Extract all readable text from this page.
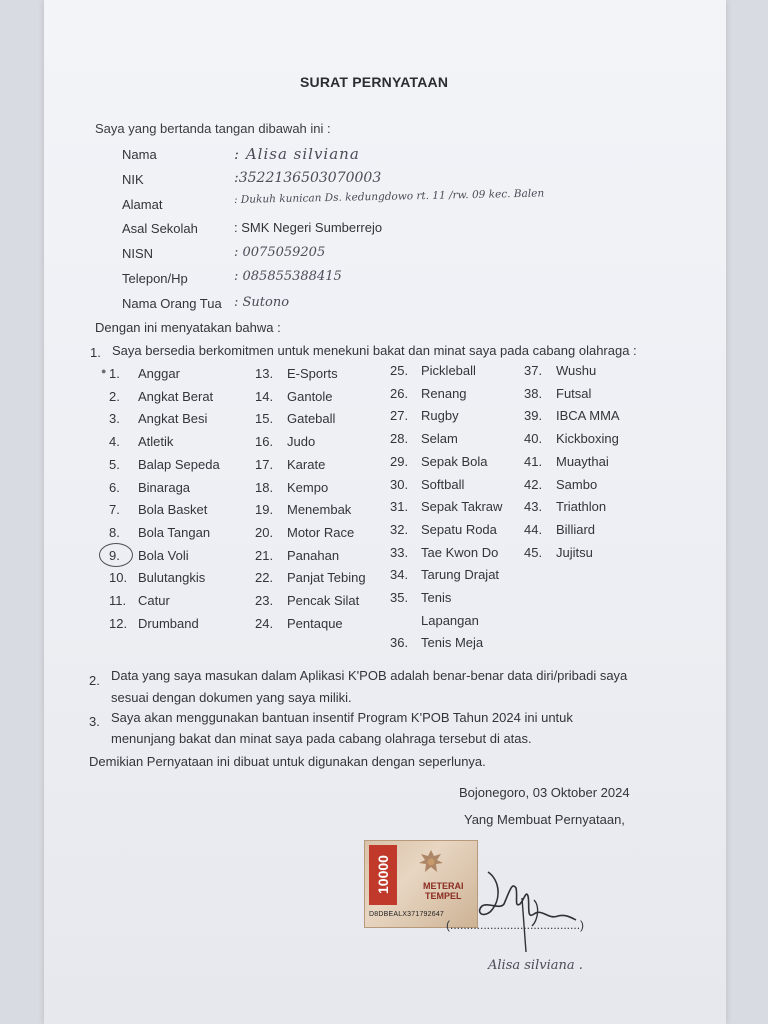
SURAT PERNYATAAN
Saya yang bertanda tangan dibawah ini :
Nama	: Alisa silviana
NIK	:3522136503070003
Alamat	: Dukuh kunican Ds. kedungdowo rt. 11 /rw. 09 kec. Balen
Asal Sekolah	: SMK Negeri Sumberrejo
NISN	: 0075059205
Telepon/Hp	: 085855388415
Nama Orang Tua : Sutono
Dengan ini menyatakan bahwa :
1. Saya bersedia berkomitmen untuk menekuni bakat dan minat saya pada cabang olahraga :
● 1. Anggar
2. Angkat Berat
3. Angkat Besi
4. Atletik
5. Balap Sepeda
6. Binaraga
7. Bola Basket
8. Bola Tangan
9. Bola Voli
10. Bulutangkis
11. Catur
12. Drumband
13. E-Sports
14. Gantole
15. Gateball
16. Judo
17. Karate
18. Kempo
19. Menembak
20. Motor Race
21. Panahan
22. Panjat Tebing
23. Pencak Silat
24. Pentaque
25. Pickleball
26. Renang
27. Rugby
28. Selam
29. Sepak Bola
30. Softball
31. Sepak Takraw
32. Sepatu Roda
33. Tae Kwon Do
34. Tarung Drajat
35. Tenis
Lapangan
36. Tenis Meja
37. Wushu
38. Futsal
39. IBCA MMA
40. Kickboxing
41. Muaythai
42. Sambo
43. Triathlon
44. Billiard
45. Jujitsu
2. Data yang saya masukan dalam Aplikasi K'POB adalah benar-benar data diri/pribadi saya
sesuai dengan dokumen yang saya miliki.
3. Saya akan menggunakan bantuan insentif Program K'POB Tahun 2024 ini untuk
menunjang bakat dan minat saya pada cabang olahraga tersebut di atas.
Demikian Pernyataan ini dibuat untuk digunakan dengan seperlunya.
Bojonegoro, 03 Oktober 2024
Yang Membuat Pernyataan,
10000	METERAI
TEMPEL
D8DBEALX371792647
(.......................................)
Alisa silviana .
